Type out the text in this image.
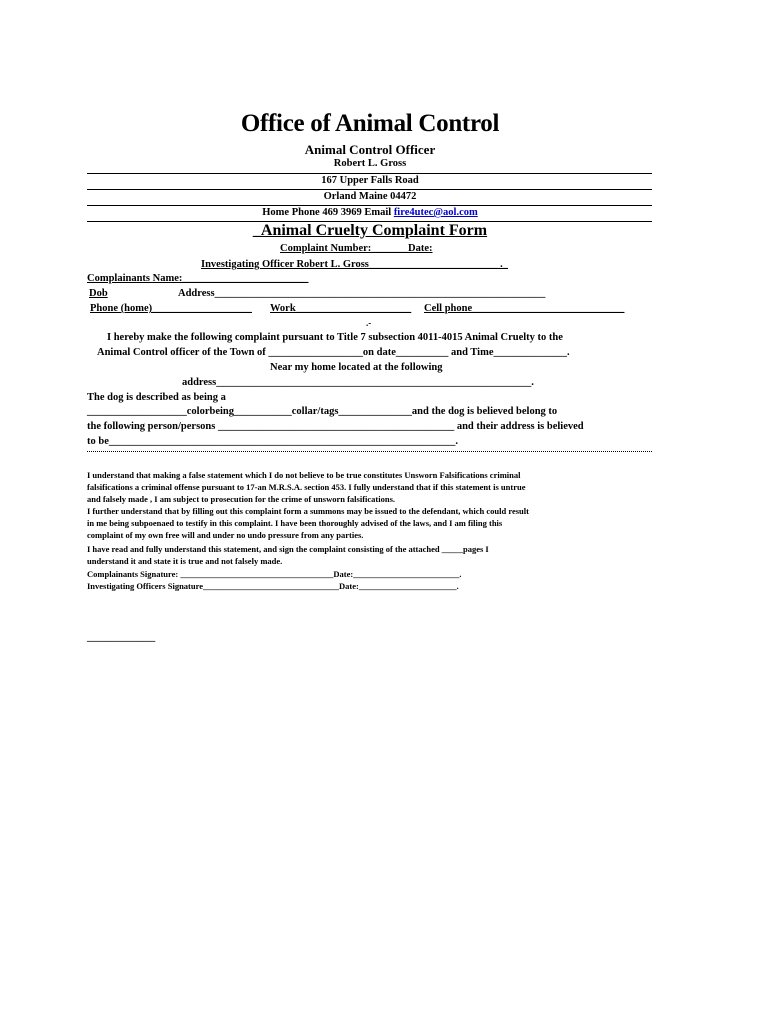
Office of Animal Control
Animal Control Officer
Robert L. Gross
167 Upper Falls Road
Orland Maine 04472
Home Phone 469 3969 Email fire4utec@aol.com
_Animal Cruelty Complaint Form
Complaint Number:_______Date:
Investigating Officer Robert L. Gross_________________________._
Complainants Name:________________________
Dob	Address_______________________________________________________________
Phone (home)___________________ Work______________________ Cell phone_____________________________
.-
I hereby make the following complaint pursuant to Title 7 subsection 4011-4015 Animal Cruelty to the
Animal Control officer of the Town of __________________on date__________ and Time______________.
Near my home located at the following
address____________________________________________________________.
The dog is described as being a
___________________colorbeing___________collar/tags______________and the dog is believed belong to
the following person/persons _____________________________________________ and their address is believed
to be__________________________________________________________________.
I understand that making a false statement which I do not believe to be true constitutes Unsworn Falsifications criminal
falsifications a criminal offense pursuant to 17-an M.R.S.A. section 453. I fully understand that if this statement is untrue
and falsely made , I am subject to prosecution for the crime of unsworn falsifications.
I further understand that by filling out this complaint form a summons may be issued to the defendant, which could result
in me being subpoenaed to testify in this complaint. I have been thoroughly advised of the laws, and I am filing this
complaint of my own free will and under no undo pressure from any parties.
I have read and fully understand this statement, and sign the complaint consisting of the attached _____pages I
understand it and state it is true and not falsely made.
Complainants Signature: ____________________________________Date:_________________________.
Investigating Officers Signature________________________________Date:_______________________.
_____________
